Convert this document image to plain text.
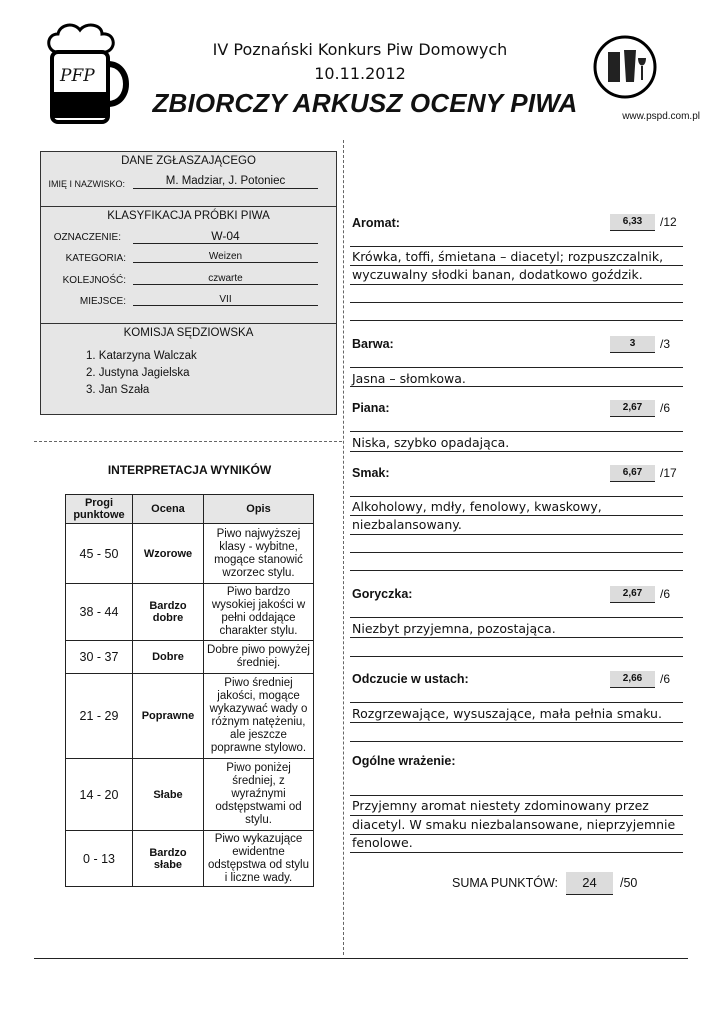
PFP
IV Poznański Konkurs Piw Domowych
10.11.2012
ZBIORCZY ARKUSZ OCENY PIWA	www.pspd.com.pl
DANE ZGŁASZAJĄCEGO
IMIĘ I NAZWISKO:	M. Madziar, J. Potoniec
KLASYFIKACJA PRÓBKI PIWA
OZNACZENIE:	W-04
KATEGORIA:	Weizen
KOLEJNOŚĆ:	czwarte
MIEJSCE:	VII
KOMISJA SĘDZIOWSKA
1. Katarzyna Walczak
2. Justyna Jagielska
3. Jan Szała
INTERPRETACJA WYNIKÓW
Progi punktowe	Ocena	Opis
45 - 50	Wzorowe	Piwo najwyższej klasy - wybitne, mogące stanowić wzorzec stylu.
38 - 44	Bardzo dobre	Piwo bardzo wysokiej jakości w pełni oddające charakter stylu.
30 - 37	Dobre	Dobre piwo powyżej średniej.
21 - 29	Poprawne	Piwo średniej jakości, mogące wykazywać wady o różnym natężeniu, ale jeszcze poprawne stylowo.
14 - 20	Słabe	Piwo poniżej średniej, z wyraźnymi odstępstwami od stylu.
0 - 13	Bardzo słabe	Piwo wykazujące ewidentne odstępstwa od stylu i liczne wady.
Aromat:	6,33	/12
Krówka, toffi, śmietana – diacetyl; rozpuszczalnik,
wyczuwalny słodki banan, dodatkowo goździk.
Barwa:	3	/3
Jasna – słomkowa.
Piana:	2,67	/6
Niska, szybko opadająca.
Smak:	6,67	/17
Alkoholowy, mdły, fenolowy, kwaskowy,
niezbalansowany.
Goryczka:	2,67	/6
Niezbyt przyjemna, pozostająca.
Odczucie w ustach:	2,66	/6
Rozgrzewające, wysuszające, mała pełnia smaku.
Ogólne wrażenie:
Przyjemny aromat niestety zdominowany przez
diacetyl. W smaku niezbalansowane, nieprzyjemnie
fenolowe.
SUMA PUNKTÓW:	24	/50
